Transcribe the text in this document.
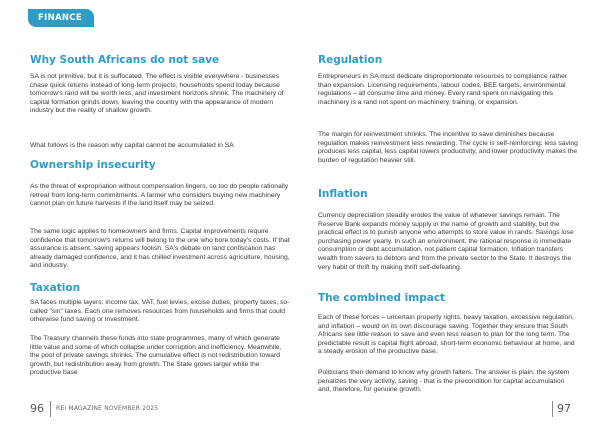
FINANCE
Why South Africans do not save

SA is not primitive, but it is suffocated. The effect is visible everywhere - businesses chase quick returns instead of long-term projects, households spend today because tomorrow's rand will be worth less, and investment horizons shrink. The machinery of capital formation grinds down, leaving the country with the appearance of modern industry but the reality of shallow growth.

What follows is the reason why capital cannot be accumulated in SA

Ownership insecurity

As the threat of expropriation without compensation lingers, so too do people rationally retreat from long-term commitments. A farmer who considers buying new machinery cannot plan on future harvests if the land itself may be seized.

The same logic applies to homeowners and firms. Capital improvements require confidence that tomorrow's returns will belong to the one who bore today's costs. If that assurance is absent, saving appears foolish. SA's debate on land confiscation has already damaged confidence, and it has chilled investment across agriculture, housing, and industry.

Taxation

SA faces multiple layers: income tax, VAT, fuel levies, excise duties, property taxes, so-called "sin" taxes. Each one removes resources from households and firms that could otherwise fund saving or investment.

The Treasury channels these funds into state programmes, many of which generate little value and some of which collapse under corruption and inefficiency. Meanwhile, the pool of private savings shrinks. The cumulative effect is not redistribution toward growth, but redistribution away from growth. The State grows larger while the productive base

Regulation

Entrepreneurs in SA must dedicate disproportionate resources to compliance rather than expansion. Licensing requirements, labour codes, BEE targets, environmental regulations – all consume time and money. Every rand spent on navigating this machinery is a rand not spent on machinery, training, or expansion.

The margin for reinvestment shrinks. The incentive to save diminishes because regulation makes reinvestment less rewarding. The cycle is self-reinforcing: less saving produces less capital, less capital lowers productivity, and lower productivity makes the burden of regulation heavier still.

Inflation

Currency depreciation steadily erodes the value of whatever savings remain. The Reserve Bank expands money supply in the name of growth and stability, but the practical effect is to punish anyone who attempts to store value in rands. Savings lose purchasing power yearly. In such an environment, the rational response is immediate consumption or debt accumulation, not patient capital formation. Inflation transfers wealth from savers to debtors and from the private sector to the State. It destroys the very habit of thrift by making thrift self-defeating.

The combined impact

Each of these forces – uncertain property rights, heavy taxation, excessive regulation, and inflation – would on its own discourage saving. Together they ensure that South Africans see little reason to save and even less reason to plan for the long term. The predictable result is capital flight abroad, short-term economic behaviour at home, and a steady erosion of the productive base.

Politicians then demand to know why growth falters. The answer is plain: the system penalizes the very activity, saving - that is the precondition for capital accumulation and, therefore, for genuine growth.

96 REI MAGAZINE NOVEMBER 2025	97
